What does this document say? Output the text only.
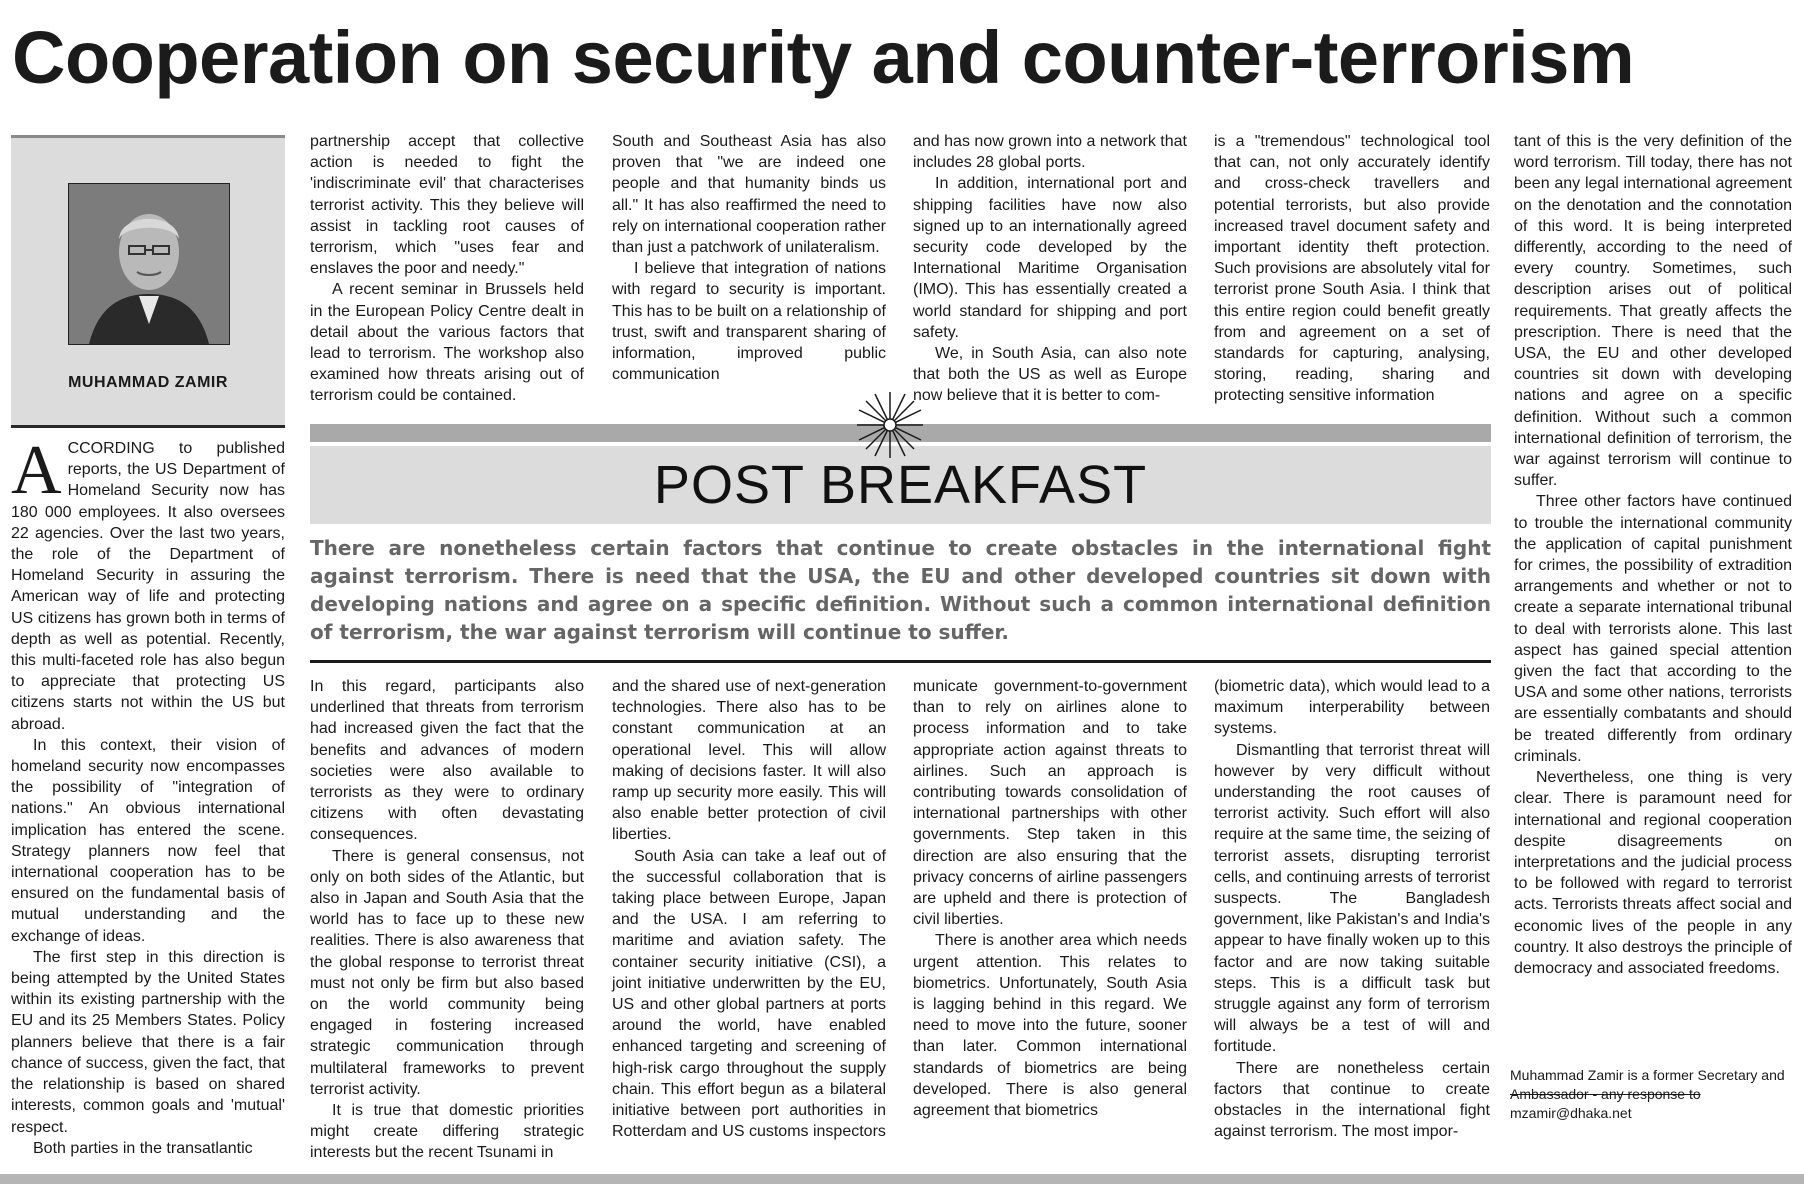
Cooperation on security and counter-terrorism
MUHAMMAD ZAMIR

ACCORDING to published reports, the US Department of Homeland Security now has 180 000 employees. It also oversees 22 agencies. Over the last two years, the role of the Department of Homeland Security in assuring the American way of life and protecting US citizens has grown both in terms of depth as well as potential. Recently, this multi-faceted role has also begun to appreciate that protecting US citizens starts not within the US but abroad.

In this context, their vision of homeland security now encompasses the possibility of "integration of nations." An obvious international implication has entered the scene. Strategy planners now feel that international cooperation has to be ensured on the fundamental basis of mutual understanding and the exchange of ideas.

The first step in this direction is being attempted by the United States within its existing partnership with the EU and its 25 Members States. Policy planners believe that there is a fair chance of success, given the fact, that the relationship is based on shared interests, common goals and 'mutual' respect.

Both parties in the transatlantic

partnership accept that collective action is needed to fight the 'indiscriminate evil' that characterises terrorist activity. This they believe will assist in tackling root causes of terrorism, which "uses fear and enslaves the poor and needy."

A recent seminar in Brussels held in the European Policy Centre dealt in detail about the various factors that lead to terrorism. The workshop also examined how threats arising out of terrorism could be contained.

South and Southeast Asia has also proven that "we are indeed one people and that humanity binds us all." It has also reaffirmed the need to rely on international cooperation rather than just a patchwork of unilateralism.

I believe that integration of nations with regard to security is important. This has to be built on a relationship of trust, swift and transparent sharing of information, improved public communication

and has now grown into a network that includes 28 global ports.

In addition, international port and shipping facilities have now also signed up to an internationally agreed security code developed by the International Maritime Organisation (IMO). This has essentially created a world standard for shipping and port safety.

We, in South Asia, can also note that both the US as well as Europe now believe that it is better to com-

is a "tremendous" technological tool that can, not only accurately identify and cross-check travellers and potential terrorists, but also provide increased travel document safety and important identity theft protection. Such provisions are absolutely vital for terrorist prone South Asia. I think that this entire region could benefit greatly from and agreement on a set of standards for capturing, analysing, storing, reading, sharing and protecting sensitive information

tant of this is the very definition of the word terrorism. Till today, there has not been any legal international agreement on the denotation and the connotation of this word. It is being interpreted differently, according to the need of every country. Sometimes, such description arises out of political requirements. That greatly affects the prescription. There is need that the USA, the EU and other developed countries sit down with developing nations and agree on a specific definition. Without such a common international definition of terrorism, the war against terrorism will continue to suffer.

Three other factors have continued to trouble the international community the application of capital punishment for crimes, the possibility of extradition arrangements and whether or not to create a separate international tribunal to deal with terrorists alone. This last aspect has gained special attention given the fact that according to the USA and some other nations, terrorists are essentially combatants and should be treated differently from ordinary criminals.

Nevertheless, one thing is very clear. There is paramount need for international and regional cooperation despite disagreements on interpretations and the judicial process to be followed with regard to terrorist acts. Terrorists threats affect social and economic lives of the people in any country. It also destroys the principle of democracy and associated freedoms.

Muhammad Zamir is a former Secretary and
Ambassador - any response to
mzamir@dhaka.net
POST BREAKFAST

There are nonetheless certain factors that continue to create obstacles in the international fight against terrorism. There is need that the USA, the EU and other developed countries sit down with developing nations and agree on a specific definition. Without such a common international definition of terrorism, the war against terrorism will continue to suffer.

In this regard, participants also underlined that threats from terrorism had increased given the fact that the benefits and advances of modern societies were also available to terrorists as they were to ordinary citizens with often devastating consequences.

There is general consensus, not only on both sides of the Atlantic, but also in Japan and South Asia that the world has to face up to these new realities. There is also awareness that the global response to terrorist threat must not only be firm but also based on the world community being engaged in fostering increased strategic communication through multilateral frameworks to prevent terrorist activity.

It is true that domestic priorities might create differing strategic interests but the recent Tsunami in

and the shared use of next-generation technologies. There also has to be constant communication at an operational level. This will allow making of decisions faster. It will also ramp up security more easily. This will also enable better protection of civil liberties.

South Asia can take a leaf out of the successful collaboration that is taking place between Europe, Japan and the USA. I am referring to maritime and aviation safety. The container security initiative (CSI), a joint initiative underwritten by the EU, US and other global partners at ports around the world, have enabled enhanced targeting and screening of high-risk cargo throughout the supply chain. This effort begun as a bilateral initiative between port authorities in Rotterdam and US customs inspectors

municate government-to-government than to rely on airlines alone to process information and to take appropriate action against threats to airlines. Such an approach is contributing towards consolidation of international partnerships with other governments. Step taken in this direction are also ensuring that the privacy concerns of airline passengers are upheld and there is protection of civil liberties.

There is another area which needs urgent attention. This relates to biometrics. Unfortunately, South Asia is lagging behind in this regard. We need to move into the future, sooner than later. Common international standards of biometrics are being developed. There is also general agreement that biometrics

(biometric data), which would lead to a maximum interperability between systems.

Dismantling that terrorist threat will however by very difficult without understanding the root causes of terrorist activity. Such effort will also require at the same time, the seizing of terrorist assets, disrupting terrorist cells, and continuing arrests of terrorist suspects. The Bangladesh government, like Pakistan's and India's appear to have finally woken up to this factor and are now taking suitable steps. This is a difficult task but struggle against any form of terrorism will always be a test of will and fortitude.

There are nonetheless certain factors that continue to create obstacles in the international fight against terrorism. The most impor-
